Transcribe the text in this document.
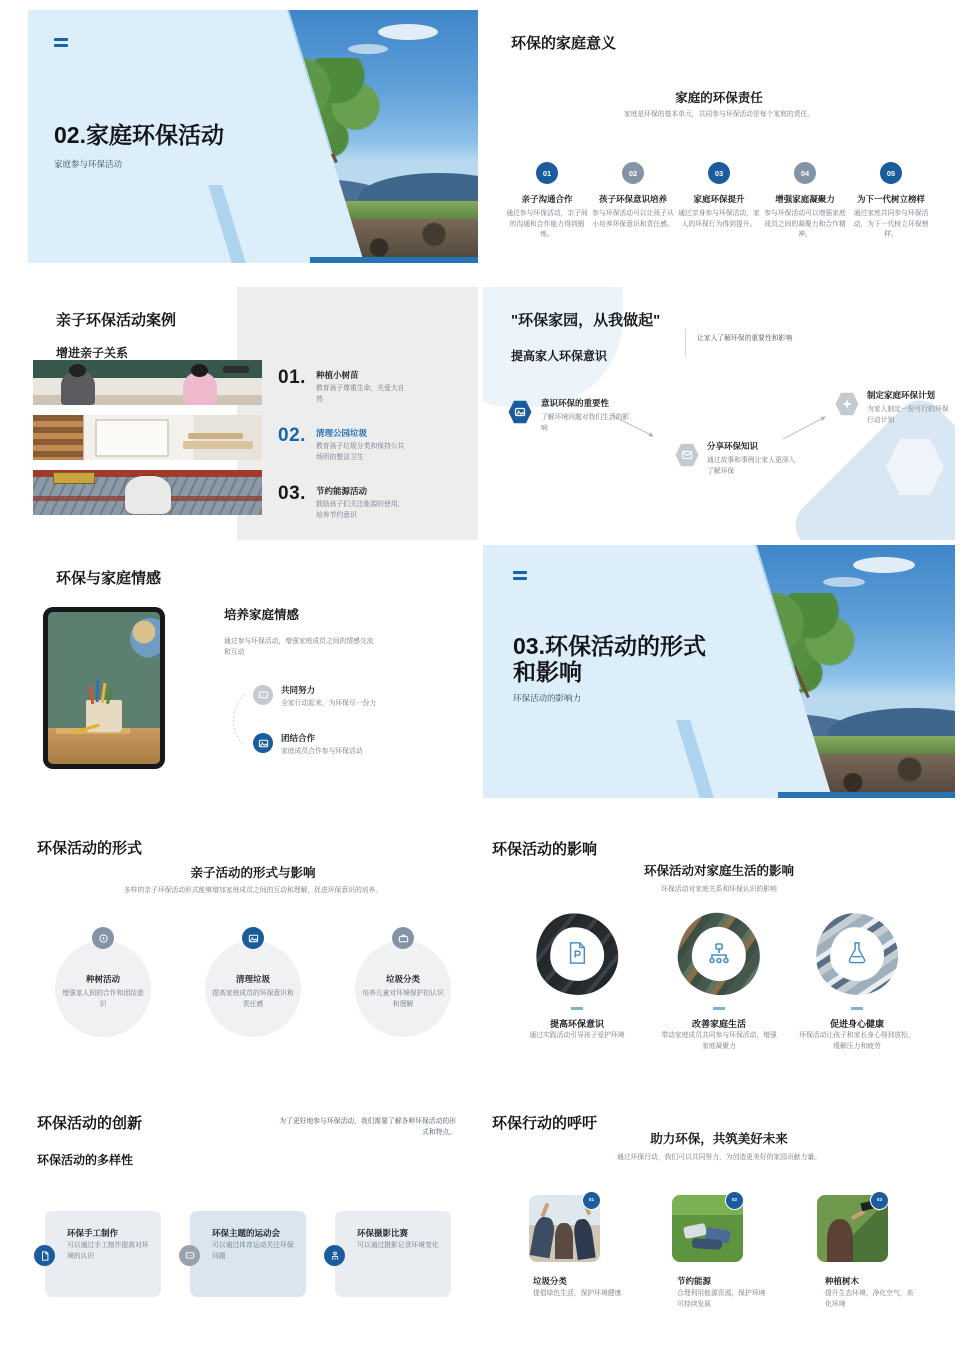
02.家庭环保活动
家庭参与环保活动
环保的家庭意义
家庭的环保责任
家庭是环保的基本单元，共同参与环保活动是每个家庭的责任。
01
亲子沟通合作
通过参与环保活动，亲子间的沟通和合作能力得到锻炼。
02
孩子环保意识培养
参与环保活动可以让孩子从小培养环保意识和责任感。
03
家庭环保提升
通过亲身参与环保活动，家人的环保行为得到提升。
04
增强家庭凝聚力
参与环保活动可以增强家庭成员之间的凝聚力和合作精神。
05
为下一代树立榜样
通过家庭共同参与环保活动，为下一代树立环保榜样。
亲子环保活动案例
增进亲子关系
01. 种植小树苗
教育孩子尊重生命，关爱大自然
02. 清理公园垃圾
教育孩子垃圾分类和保持公共场所的整洁卫生
03. 节约能源活动
鼓励孩子们关注能源的使用，培养节约意识
"环保家园，从我做起"
提高家人环保意识
让家人了解环保的重要性和影响
意识环保的重要性
了解环境问题对我们生活的影响
分享环保知识
通过故事和事例让家人更深入了解环保
制定家庭环保计划
为家人制定一份可行的环保行动计划
环保与家庭情感
培养家庭情感
通过参与环保活动，增强家庭成员之间的情感交流和互动
共同努力
全家行动起来，为环保尽一份力
团结合作
家庭成员合作参与环保活动
03.环保活动的形式
和影响
环保活动的影响力
环保活动的形式
亲子活动的形式与影响
多样的亲子环保活动形式能够增加家庭成员之间的互动和理解，促进环保意识的培养。
种树活动
增强家人间的合作和团结意识
清理垃圾
提高家庭成员的环保意识和责任感
垃圾分类
培养儿童对环境保护的认识和理解
环保活动的影响
环保活动对家庭生活的影响
环保活动对家庭关系和环保认识的影响
提高环保意识
通过实践活动引导孩子爱护环境
改善家庭生活
带动家庭成员共同参与环保活动，增强家庭凝聚力
促进身心健康
环保活动让孩子和家长身心得到放松，缓解压力和疲劳
环保活动的创新	为了更好地参与环保活动，我们需要了解各种环保活动的形式和特点。
环保活动的多样性
环保手工制作
可以通过手工制作提高对环境的认识
环保主题的运动会
可以通过体育运动关注环保问题
环保摄影比赛
可以通过摄影记录环境变化
环保行动的呼吁
助力环保，共筑美好未来
通过环保行动，我们可以共同努力，为创造更美好的家园贡献力量。
01
垃圾分类
提倡绿色生活，保护环境健康
02
节约能源
合理利用能源资源，保护环境可持续发展
03
种植树木
提升生态环境，净化空气，美化环境
